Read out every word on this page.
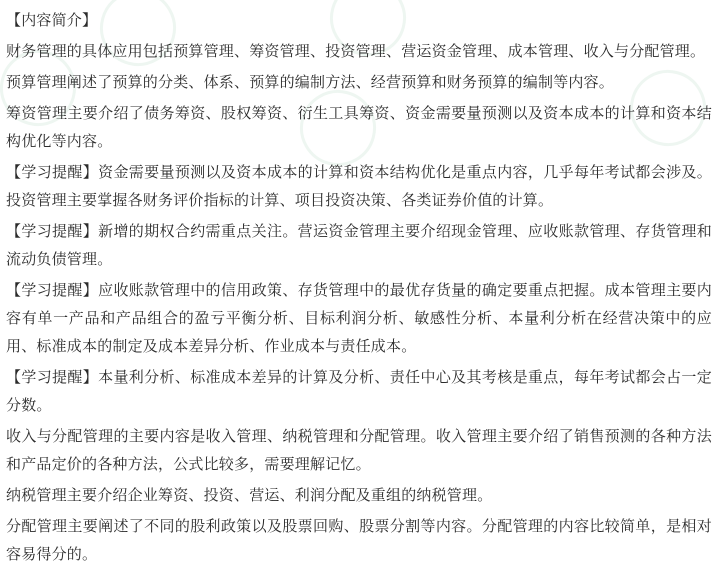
【内容简介】

财务管理的具体应用包括预算管理、筹资管理、投资管理、营运资金管理、成本管理、收入与分配管理。

预算管理阐述了预算的分类、体系、预算的编制方法、经营预算和财务预算的编制等内容。

筹资管理主要介绍了债务筹资、股权筹资、衍生工具筹资、资金需要量预测以及资本成本的计算和资本结构优化等内容。

【学习提醒】资金需要量预测以及资本成本的计算和资本结构优化是重点内容，几乎每年考试都会涉及。投资管理主要掌握各财务评价指标的计算、项目投资决策、各类证券价值的计算。

【学习提醒】新增的期权合约需重点关注。营运资金管理主要介绍现金管理、应收账款管理、存货管理和流动负债管理。

【学习提醒】应收账款管理中的信用政策、存货管理中的最优存货量的确定要重点把握。成本管理主要内容有单一产品和产品组合的盈亏平衡分析、目标利润分析、敏感性分析、本量利分析在经营决策中的应用、标准成本的制定及成本差异分析、作业成本与责任成本。

【学习提醒】本量利分析、标准成本差异的计算及分析、责任中心及其考核是重点，每年考试都会占一定分数。

收入与分配管理的主要内容是收入管理、纳税管理和分配管理。收入管理主要介绍了销售预测的各种方法和产品定价的各种方法，公式比较多，需要理解记忆。

纳税管理主要介绍企业筹资、投资、营运、利润分配及重组的纳税管理。

分配管理主要阐述了不同的股利政策以及股票回购、股票分割等内容。分配管理的内容比较简单，是相对容易得分的。
